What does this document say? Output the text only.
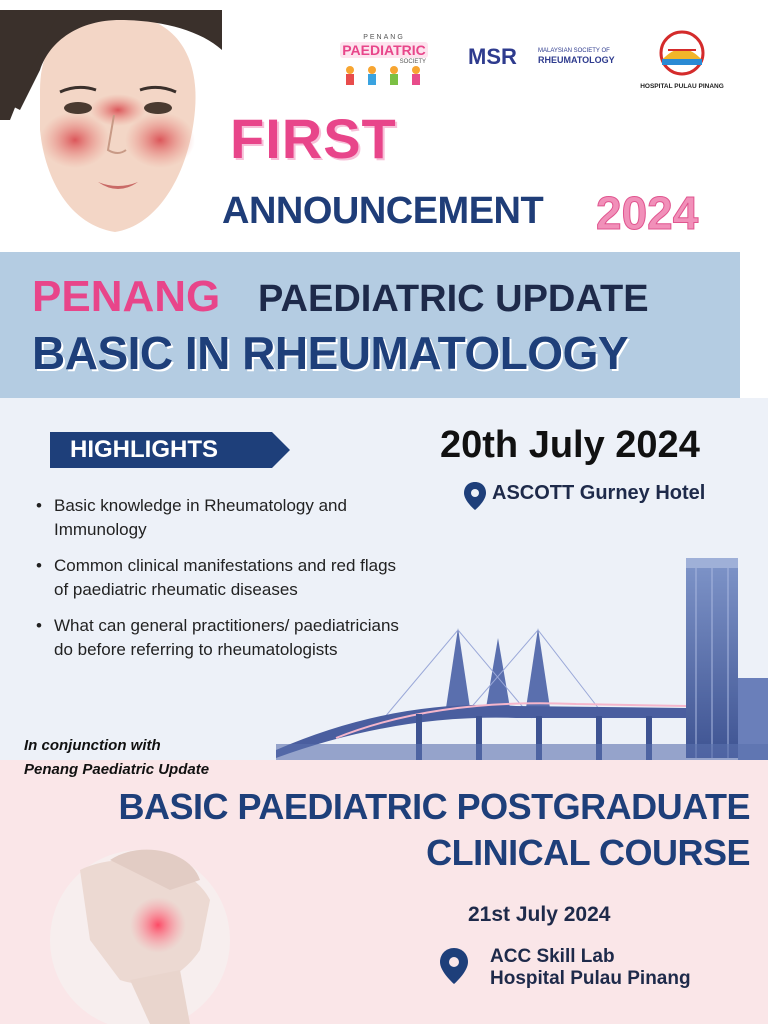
PENANG
PAEDIATRIC
SOCIETY MSR	MALAYSIAN SOCIETY OF
RHEUMATOLOGY
HOSPITAL PULAU PINANG
FIRST
ANNOUNCEMENT 2024
PENANG PAEDIATRIC UPDATE
BASIC IN RHEUMATOLOGY
HIGHLIGHTS
• Basic knowledge in Rheumatology and Immunology
• Common clinical manifestations and red flags of paediatric rheumatic diseases
• What can general practitioners/ paediatricians do before referring to rheumatologists
20th July 2024
ASCOTT Gurney Hotel
In conjunction with
Penang Paediatric Update
BASIC PAEDIATRIC POSTGRADUATE
CLINICAL COURSE
21st July 2024
ACC Skill Lab
Hospital Pulau Pinang
